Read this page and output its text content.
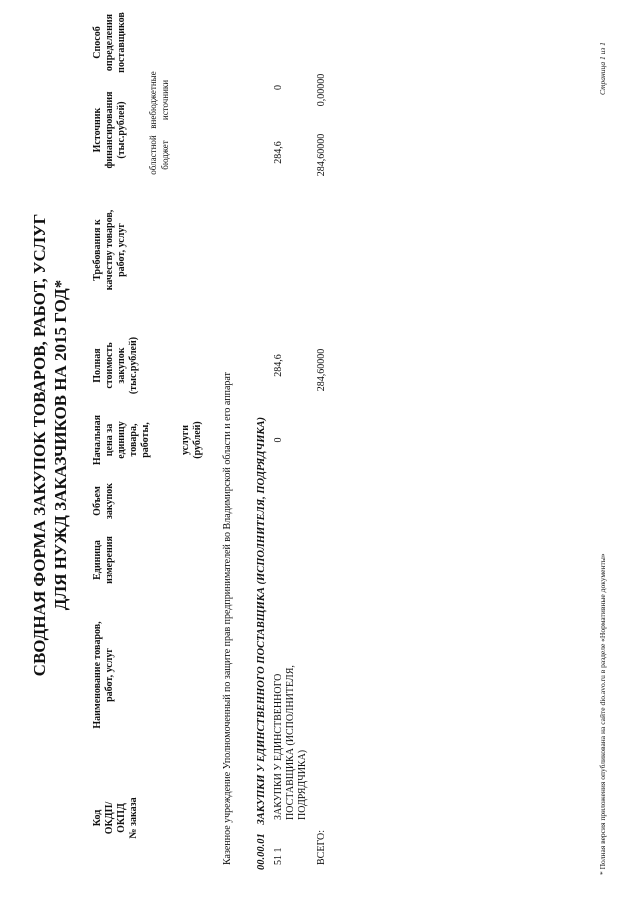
СВОДНАЯ ФОРМА ЗАКУПОК ТОВАРОВ, РАБОТ, УСЛУГ ДЛЯ НУЖД ЗАКАЗЧИКОВ НА 2015 ГОД*
Код ОКДП/ ОКПД № заказа
Наименование товаров, работ, услуг
Единица измерения
Объем закупок
Начальная цена за единицу товара, работы,	услуги (рублей)
Полная стоимость закупок (тыс.рублей)
Требования к качеству товаров, работ, услуг
Источник финансирования (тыс.рублей) областной бюджет
внебюджетные источники
Способ определения поставщиков
Казенное учреждение Уполномоченный по защите прав предпринимателей во Владимирской области и его аппарат 00.00.01 ЗАКУПКИ У ЕДИНСТВЕННОГО ПОСТАВЩИКА (ИСПОЛНИТЕЛЯ, ПОДРЯДЧИКА)
51 1
ЗАКУПКИ У ЕДИНСТВЕННОГО ПОСТАВЩИКА (ИСПОЛНИТЕЛЯ, ПОДРЯДЧИКА)
0
284,6
284,6
0
ВСЕГО:
284,60000
284,60000
0,00000
* Полная версия приложения опубликована на сайте dio.avo.ru в разделе «Нормативные документы»
Страница 1 из 1
